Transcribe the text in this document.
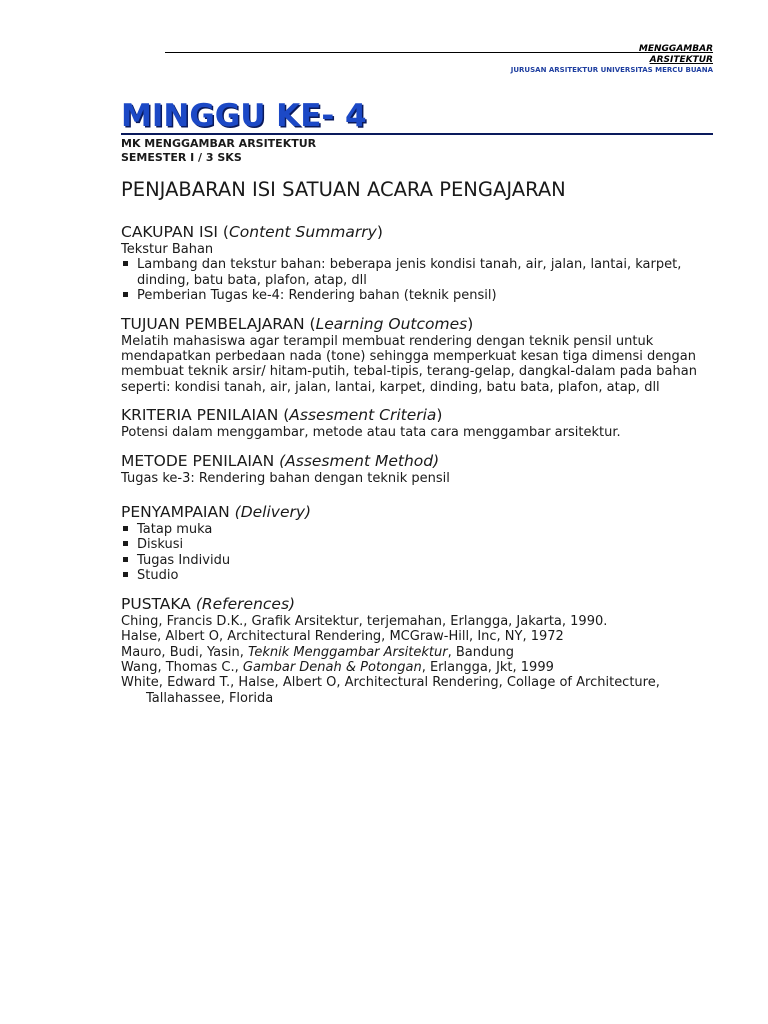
MENGGAMBAR
ARSITEKTUR
JURUSAN ARSITEKTUR UNIVERSITAS MERCU BUANA
MINGGU KE- 4
MK MENGGAMBAR ARSITEKTUR
SEMESTER I / 3 SKS
PENJABARAN ISI SATUAN ACARA PENGAJARAN
CAKUPAN ISI (Content Summarry)

Tekstur Bahan

Lambang dan tekstur bahan: beberapa jenis kondisi tanah, air, jalan, lantai, karpet, dinding, batu bata, plafon, atap, dll
Pemberian Tugas ke-4: Rendering bahan (teknik pensil)
TUJUAN PEMBELAJARAN (Learning Outcomes)

Melatih mahasiswa agar terampil membuat rendering dengan teknik pensil untuk mendapatkan perbedaan nada (tone) sehingga memperkuat kesan tiga dimensi dengan membuat teknik arsir/ hitam-putih, tebal-tipis, terang-gelap, dangkal-dalam pada bahan seperti: kondisi tanah, air, jalan, lantai, karpet, dinding, batu bata, plafon, atap, dll

KRITERIA PENILAIAN (Assesment Criteria)

Potensi dalam menggambar, metode atau tata cara menggambar arsitektur.

METODE PENILAIAN (Assesment Method)

Tugas ke-3: Rendering bahan dengan teknik pensil

PENYAMPAIAN (Delivery)
Tatap muka
Diskusi
Tugas Individu
Studio
PUSTAKA (References)

Ching, Francis D.K., Grafik Arsitektur, terjemahan, Erlangga, Jakarta, 1990.

Halse, Albert O, Architectural Rendering, MCGraw-Hill, Inc, NY, 1972

Mauro, Budi, Yasin, Teknik Menggambar Arsitektur, Bandung

Wang, Thomas C., Gambar Denah & Potongan, Erlangga, Jkt, 1999

White, Edward T., Halse, Albert O, Architectural Rendering, Collage of Architecture, Tallahassee, Florida
